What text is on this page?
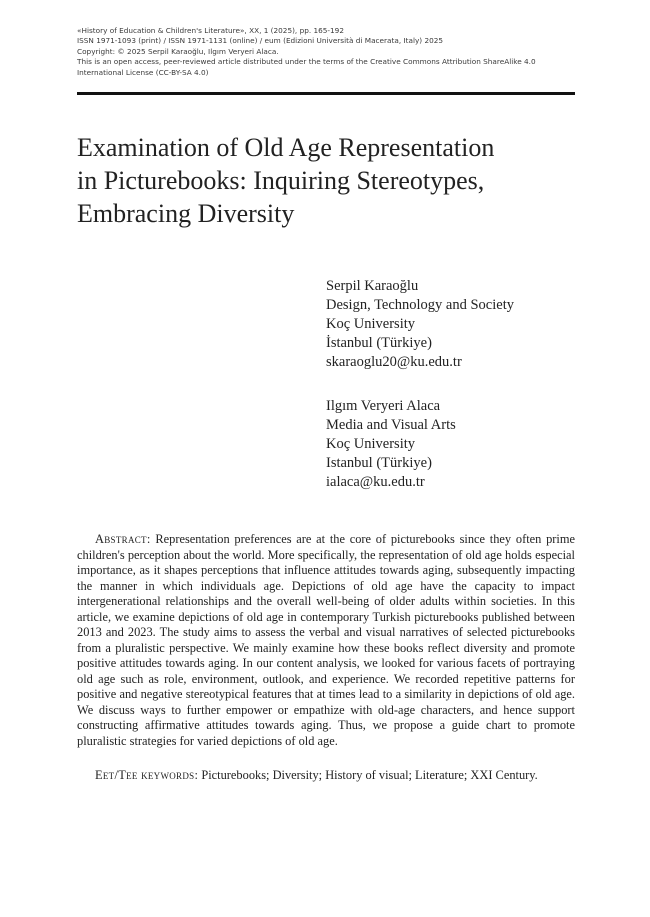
«History of Education & Children's Literature», XX, 1 (2025), pp. 165-192
ISSN 1971-1093 (print) / ISSN 1971-1131 (online) / eum (Edizioni Università di Macerata, Italy) 2025
Copyright: © 2025 Serpil Karaoğlu, Ilgım Veryeri Alaca.
This is an open access, peer-reviewed article distributed under the terms of the Creative Commons Attribution ShareAlike 4.0
International License (CC-BY-SA 4.0)
Examination of Old Age Representation
in Picturebooks: Inquiring Stereotypes,
Embracing Diversity
Serpil Karaoğlu
Design, Technology and Society
Koç University
İstanbul (Türkiye)
skaraoglu20@ku.edu.tr
Ilgım Veryeri Alaca
Media and Visual Arts
Koç University
Istanbul (Türkiye)
ialaca@ku.edu.tr

Abstract: Representation preferences are at the core of picturebooks since they often prime children's perception about the world. More specifically, the representation of old age holds especial importance, as it shapes perceptions that influence attitudes towards aging, subsequently impacting the manner in which individuals age. Depictions of old age have the capacity to impact intergenerational relationships and the overall well-being of older adults within societies. In this article, we examine depictions of old age in contemporary Turkish picturebooks published between 2013 and 2023. The study aims to assess the verbal and visual narratives of selected picturebooks from a pluralistic perspective. We mainly examine how these books reflect diversity and promote positive attitudes towards aging. In our content analysis, we looked for various facets of portraying old age such as role, environment, outlook, and experience. We recorded repetitive patterns for positive and negative stereotypical features that at times lead to a similarity in depictions of old age. We discuss ways to further empower or empathize with old-age characters, and hence support constructing affirmative attitudes towards aging. Thus, we propose a guide chart to promote pluralistic strategies for varied depictions of old age.

Eet/Tee keywords: Picturebooks; Diversity; History of visual; Literature; XXI Century.
